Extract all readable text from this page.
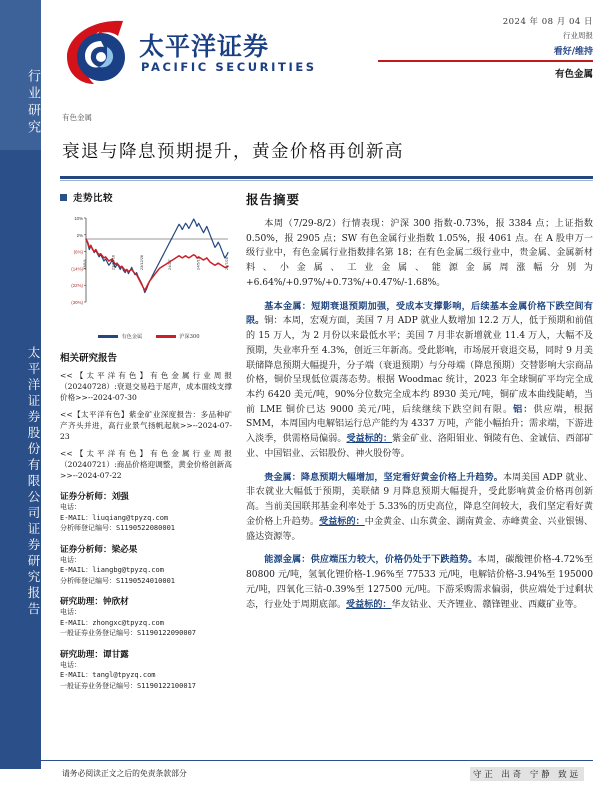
行业研究
太平洋证券股份有限公司证券研究报告
太平洋证券
PACIFIC SECURITIES
2024 年 08 月 04 日
行业周报
看好/维持
有色金属
有色金属
衰退与降息预期提升，黄金价格再创新高
走势比较
10%
2%
(6%)
(14%)
(22%)
(30%)
23/8/4	23/10/16	23/12/26	24/3/7	24/5/18	24/7/28
有色金属	沪深300
相关研究报告
<<【太平洋有色】有色金属行业周报（20240728）:衰退交易趋于尾声，成本面线支撑价格>>--2024-07-30
<<【太平洋有色】紫金矿业深度报告：多品种矿产齐头并进，高行业景气扬帆起航>>--2024-07-23
<<【太平洋有色】有色金属行业周报（20240721）:商品价格迎调整，黄金价格创新高>>--2024-07-22
证券分析师：刘强
电话：
E-MAIL：liuqiang@tpyzq.com
分析师登记编号：S1190522080001
证券分析师：梁必果
电话：
E-MAIL：liangbg@tpyzq.com
分析师登记编号：S1190524010001
研究助理：钟欣材
电话：
E-MAIL：zhongxc@tpyzq.com
一般证券业务登记编号：S1190122090007
研究助理：谭甘露
电话：
E-MAIL：tangl@tpyzq.com
一般证券业务登记编号：S1190122100017
报告摘要

本周（7/29-8/2）行情表现：沪深 300 指数-0.73%，报 3384 点；上证指数 0.50%，报 2905 点；SW 有色金属行业指数 1.05%，报 4061 点。在 A 股申万一级行业中，有色金属行业指数排名第 18；在有色金属二级行业中，贵金属、金属新材料、小金属、工业金属、能源金属周涨幅分别为+6.64%/+0.97%/+0.73%/+0.47%/-1.68%。

基本金属：短期衰退预期加强，受成本支撑影响，后续基本金属价格下跌空间有限。铜：本周，宏观方面，美国 7 月 ADP 就业人数增加 12.2 万人，低于预期和前值的 15 万人，为 2 月份以来最低水平；美国 7 月非农新增就业 11.4 万人，大幅不及预期，失业率升至 4.3%，创近三年新高。受此影响，市场展开衰退交易，同时 9 月美联储降息预期大幅提升，分子端（衰退预期）与分母端（降息预期）交替影响大宗商品价格，铜价呈现低位震荡态势。根据 Woodmac 统计，2023 年全球铜矿平均完全成本约 6420 美元/吨，90%分位数完全成本约 8930 美元/吨，铜矿成本曲线陡峭，当前 LME 铜价已达 9000 美元/吨，后续继续下跌空间有限。铝：供应端，根据 SMM，本周国内电解铝运行总产能约为 4337 万吨，产能小幅抬升；需求端，下游进入淡季，供需格局偏弱。受益标的：紫金矿业、洛阳钼业、铜陵有色、金诚信、西部矿业、中国铝业、云铝股份、神火股份等。

贵金属：降息预期大幅增加，坚定看好黄金价格上升趋势。本周美国 ADP 就业、非农就业大幅低于预期，美联储 9 月降息预期大幅提升，受此影响黄金价格再创新高。当前美国联邦基金利率处于 5.33%的历史高位，降息空间较大，我们坚定看好黄金价格上升趋势。受益标的：中金黄金、山东黄金、湖南黄金、赤峰黄金、兴业银锡、盛达资源等。

能源金属：供应端压力较大，价格仍处于下跌趋势。本周，碳酸锂价格-4.72%至 80800 元/吨，氢氧化锂价格-1.96%至 77533 元/吨，电解钴价格-3.94%至 195000 元/吨，四氧化三钴-0.39%至 127500 元/吨。下游采购需求偏弱，供应端处于过剩状态，行业处于周期底部。受益标的：华友钴业、天齐锂业、赣锋锂业、西藏矿业等。

请务必阅读正文之后的免责条款部分	守正 出奇 宁静 致远
